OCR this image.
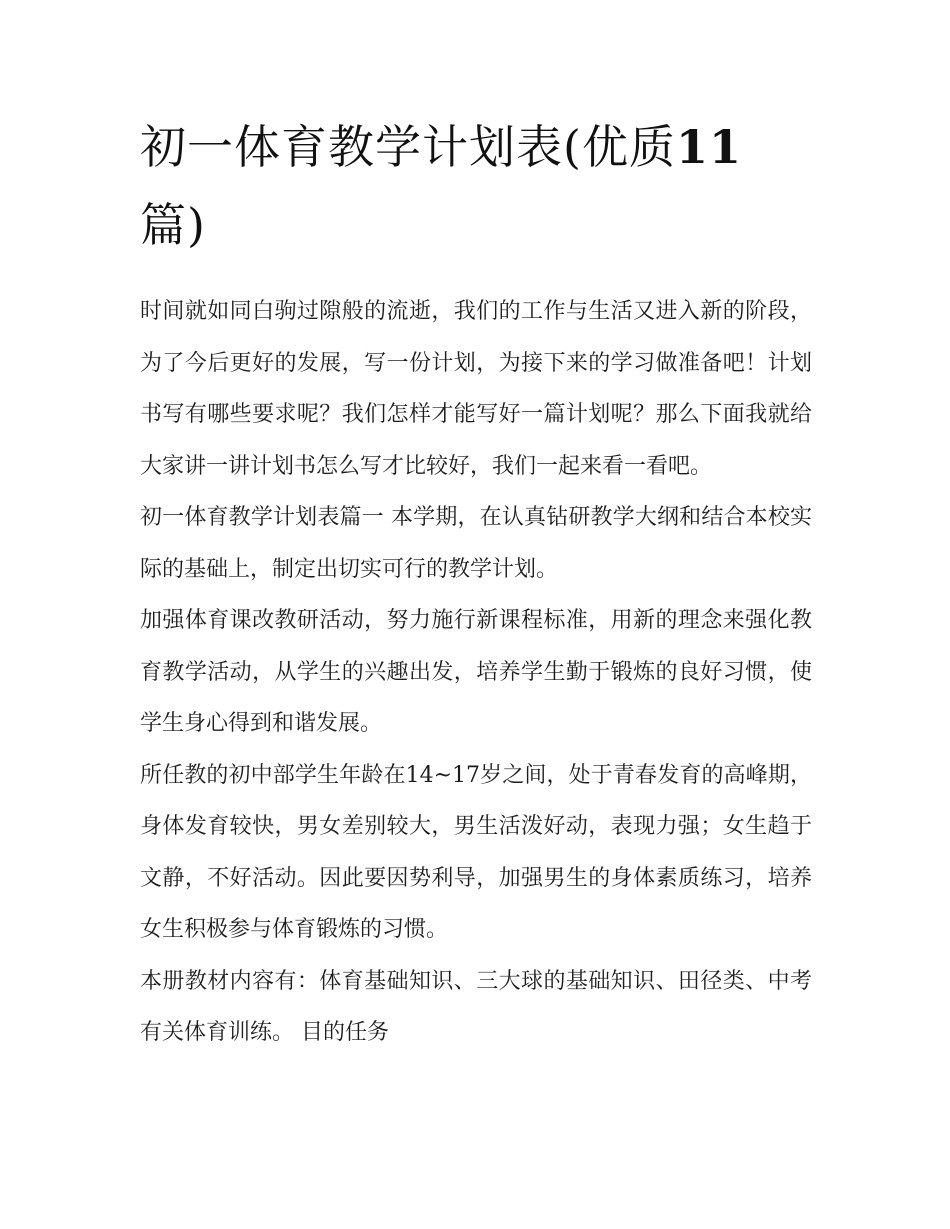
初一体育教学计划表(优质11
篇)

时间就如同白驹过隙般的流逝，我们的工作与生活又进入新的阶段，为了今后更好的发展，写一份计划，为接下来的学习做准备吧！计划书写有哪些要求呢？我们怎样才能写好一篇计划呢？那么下面我就给大家讲一讲计划书怎么写才比较好，我们一起来看一看吧。

初一体育教学计划表篇一 本学期，在认真钻研教学大纲和结合本校实际的基础上，制定出切实可行的教学计划。

加强体育课改教研活动，努力施行新课程标准，用新的理念来强化教育教学活动，从学生的兴趣出发，培养学生勤于锻炼的良好习惯，使学生身心得到和谐发展。

所任教的初中部学生年龄在14~17岁之间，处于青春发育的高峰期，身体发育较快，男女差别较大，男生活泼好动，表现力强；女生趋于文静，不好活动。因此要因势利导，加强男生的身体素质练习，培养女生积极参与体育锻炼的习惯。

本册教材内容有：体育基础知识、三大球的基础知识、田径类、中考有关体育训练。 目的任务
